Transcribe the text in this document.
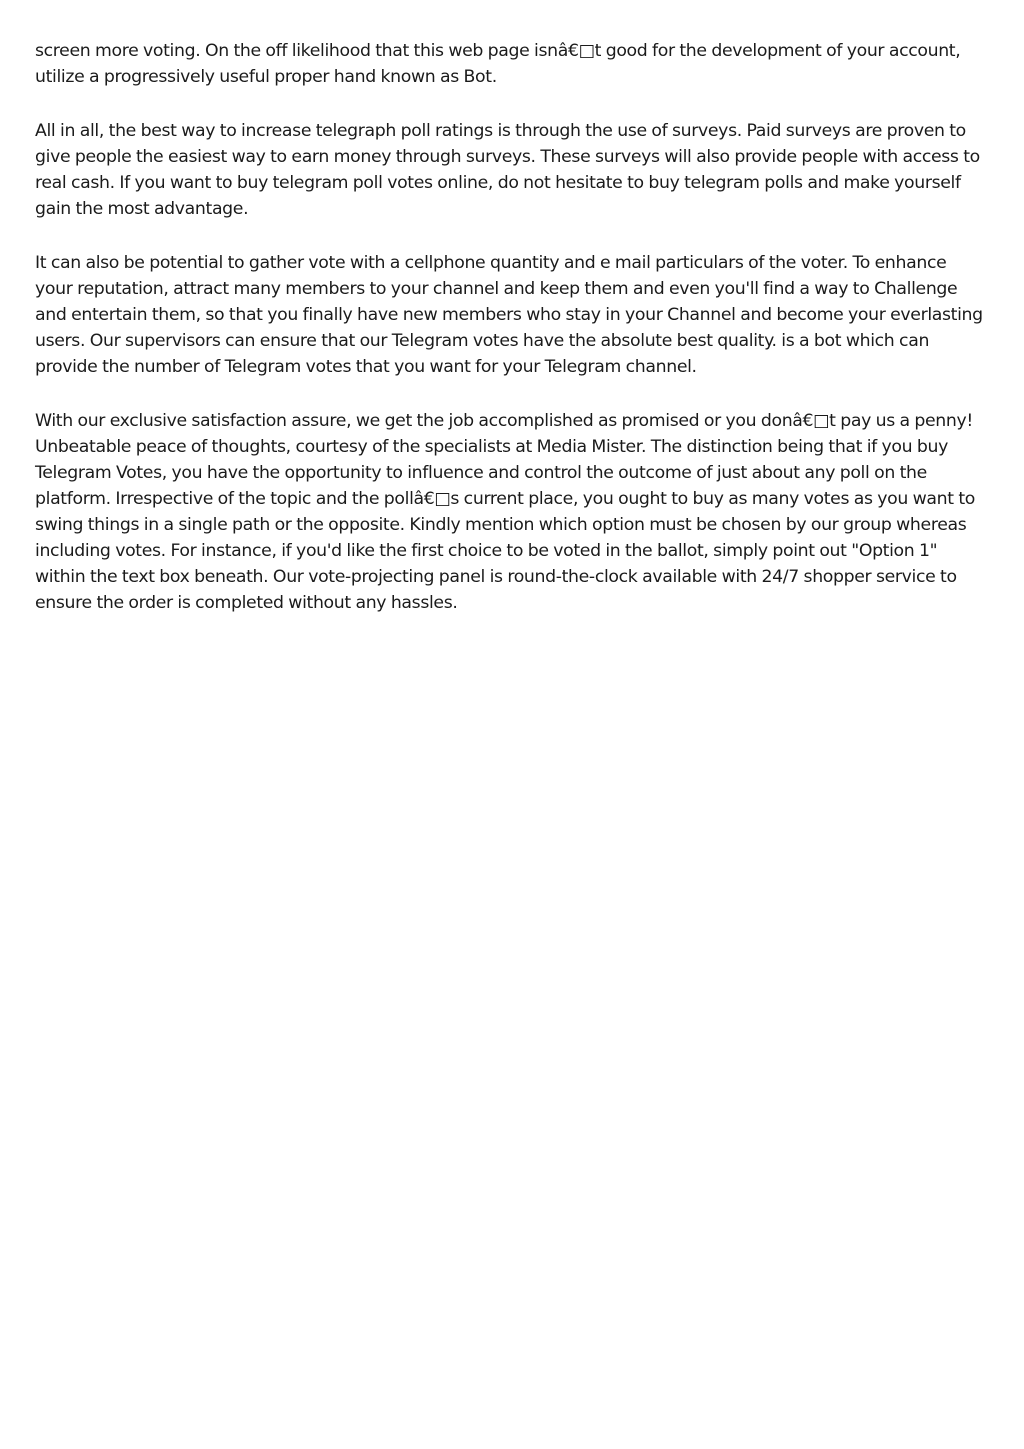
screen more voting. On the off likelihood that this web page isnâ€□t good for the development of your account, utilize a progressively useful proper hand known as Bot.

All in all, the best way to increase telegraph poll ratings is through the use of surveys. Paid surveys are proven to give people the easiest way to earn money through surveys. These surveys will also provide people with access to real cash. If you want to buy telegram poll votes online, do not hesitate to buy telegram polls and make yourself gain the most advantage.

It can also be potential to gather vote with a cellphone quantity and e mail particulars of the voter. To enhance your reputation, attract many members to your channel and keep them and even you'll find a way to Challenge and entertain them, so that you finally have new members who stay in your Channel and become your everlasting users. Our supervisors can ensure that our Telegram votes have the absolute best quality. is a bot which can provide the number of Telegram votes that you want for your Telegram channel.

With our exclusive satisfaction assure, we get the job accomplished as promised or you donâ€□t pay us a penny! Unbeatable peace of thoughts, courtesy of the specialists at Media Mister. The distinction being that if you buy Telegram Votes, you have the opportunity to influence and control the outcome of just about any poll on the platform. Irrespective of the topic and the pollâ€□s current place, you ought to buy as many votes as you want to swing things in a single path or the opposite. Kindly mention which option must be chosen by our group whereas including votes. For instance, if you'd like the first choice to be voted in the ballot, simply point out "Option 1" within the text box beneath. Our vote-projecting panel is round-the-clock available with 24/7 shopper service to ensure the order is completed without any hassles.
